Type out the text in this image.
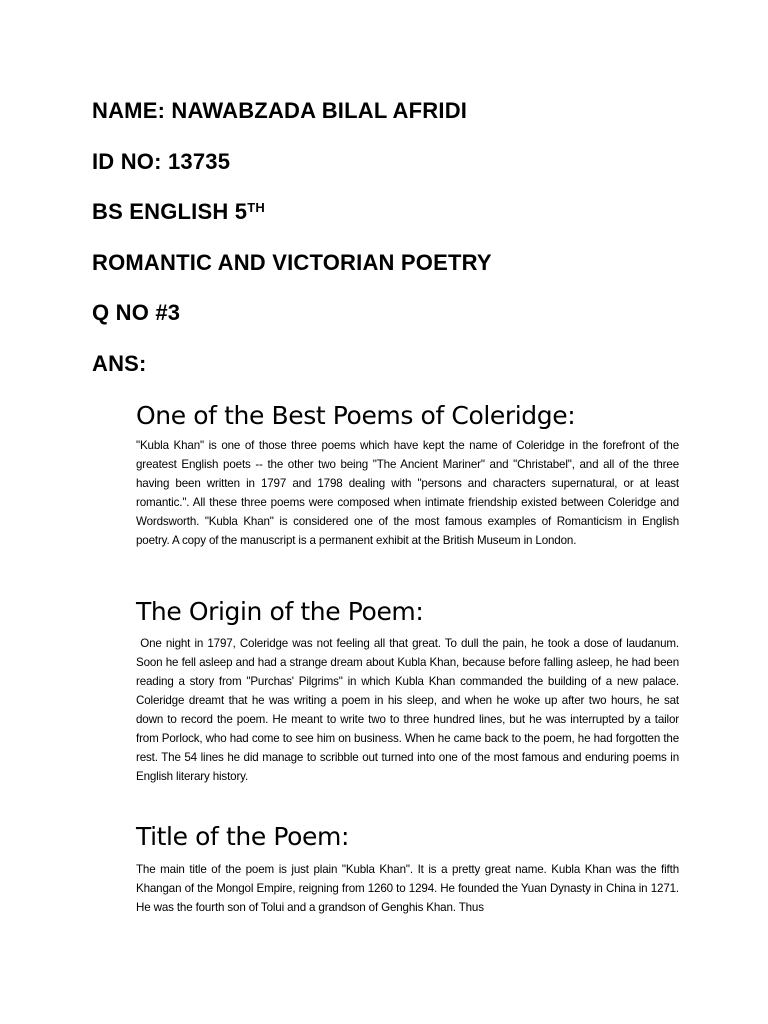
NAME: NAWABZADA BILAL AFRIDI

ID NO: 13735

BS ENGLISH 5TH

ROMANTIC AND VICTORIAN POETRY

Q NO #3

ANS:

One of the Best Poems of Coleridge:

"Kubla Khan" is one of those three poems which have kept the name of Coleridge in the forefront of the greatest English poets -- the other two being "The Ancient Mariner" and "Christabel", and all of the three having been written in 1797 and 1798 dealing with "persons and characters supernatural, or at least romantic.". All these three poems were composed when intimate friendship existed between Coleridge and Wordsworth. "Kubla Khan" is considered one of the most famous examples of Romanticism in English poetry. A copy of the manuscript is a permanent exhibit at the British Museum in London.

The Origin of the Poem:

One night in 1797, Coleridge was not feeling all that great. To dull the pain, he took a dose of laudanum. Soon he fell asleep and had a strange dream about Kubla Khan, because before falling asleep, he had been reading a story from "Purchas' Pilgrims" in which Kubla Khan commanded the building of a new palace. Coleridge dreamt that he was writing a poem in his sleep, and when he woke up after two hours, he sat down to record the poem. He meant to write two to three hundred lines, but he was interrupted by a tailor from Porlock, who had come to see him on business. When he came back to the poem, he had forgotten the rest. The 54 lines he did manage to scribble out turned into one of the most famous and enduring poems in English literary history.

Title of the Poem:

The main title of the poem is just plain "Kubla Khan". It is a pretty great name. Kubla Khan was the fifth Khangan of the Mongol Empire, reigning from 1260 to 1294. He founded the Yuan Dynasty in China in 1271. He was the fourth son of Tolui and a grandson of Genghis Khan. Thus
